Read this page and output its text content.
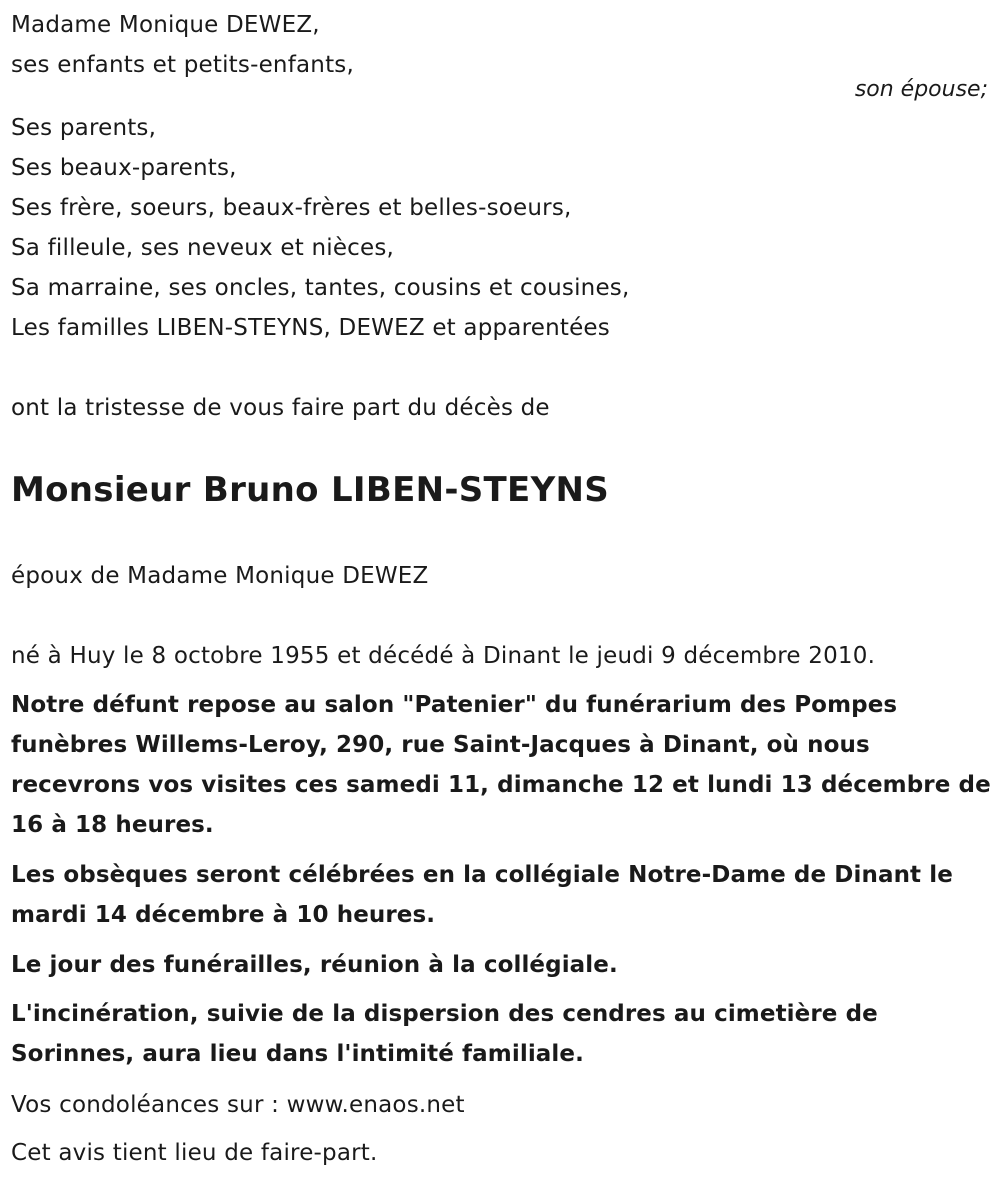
Madame Monique DEWEZ,
ses enfants et petits-enfants,
son épouse;
Ses parents,
Ses beaux-parents,
Ses frère, soeurs, beaux-frères et belles-soeurs,
Sa filleule, ses neveux et nièces,
Sa marraine, ses oncles, tantes, cousins et cousines,
Les familles LIBEN-STEYNS, DEWEZ et apparentées
ont la tristesse de vous faire part du décès de
Monsieur Bruno LIBEN-STEYNS
époux de Madame Monique DEWEZ
né à Huy le 8 octobre 1955 et décédé à Dinant le jeudi 9 décembre 2010.
Notre défunt repose au salon "Patenier" du funérarium des Pompes funèbres Willems-Leroy, 290, rue Saint-Jacques à Dinant, où nous recevrons vos visites ces samedi 11, dimanche 12 et lundi 13 décembre de 16 à 18 heures.
Les obsèques seront célébrées en la collégiale Notre-Dame de Dinant le mardi 14 décembre à 10 heures.
Le jour des funérailles, réunion à la collégiale.
L'incinération, suivie de la dispersion des cendres au cimetière de Sorinnes, aura lieu dans l'intimité familiale.
Vos condoléances sur : www.enaos.net
Cet avis tient lieu de faire-part.
